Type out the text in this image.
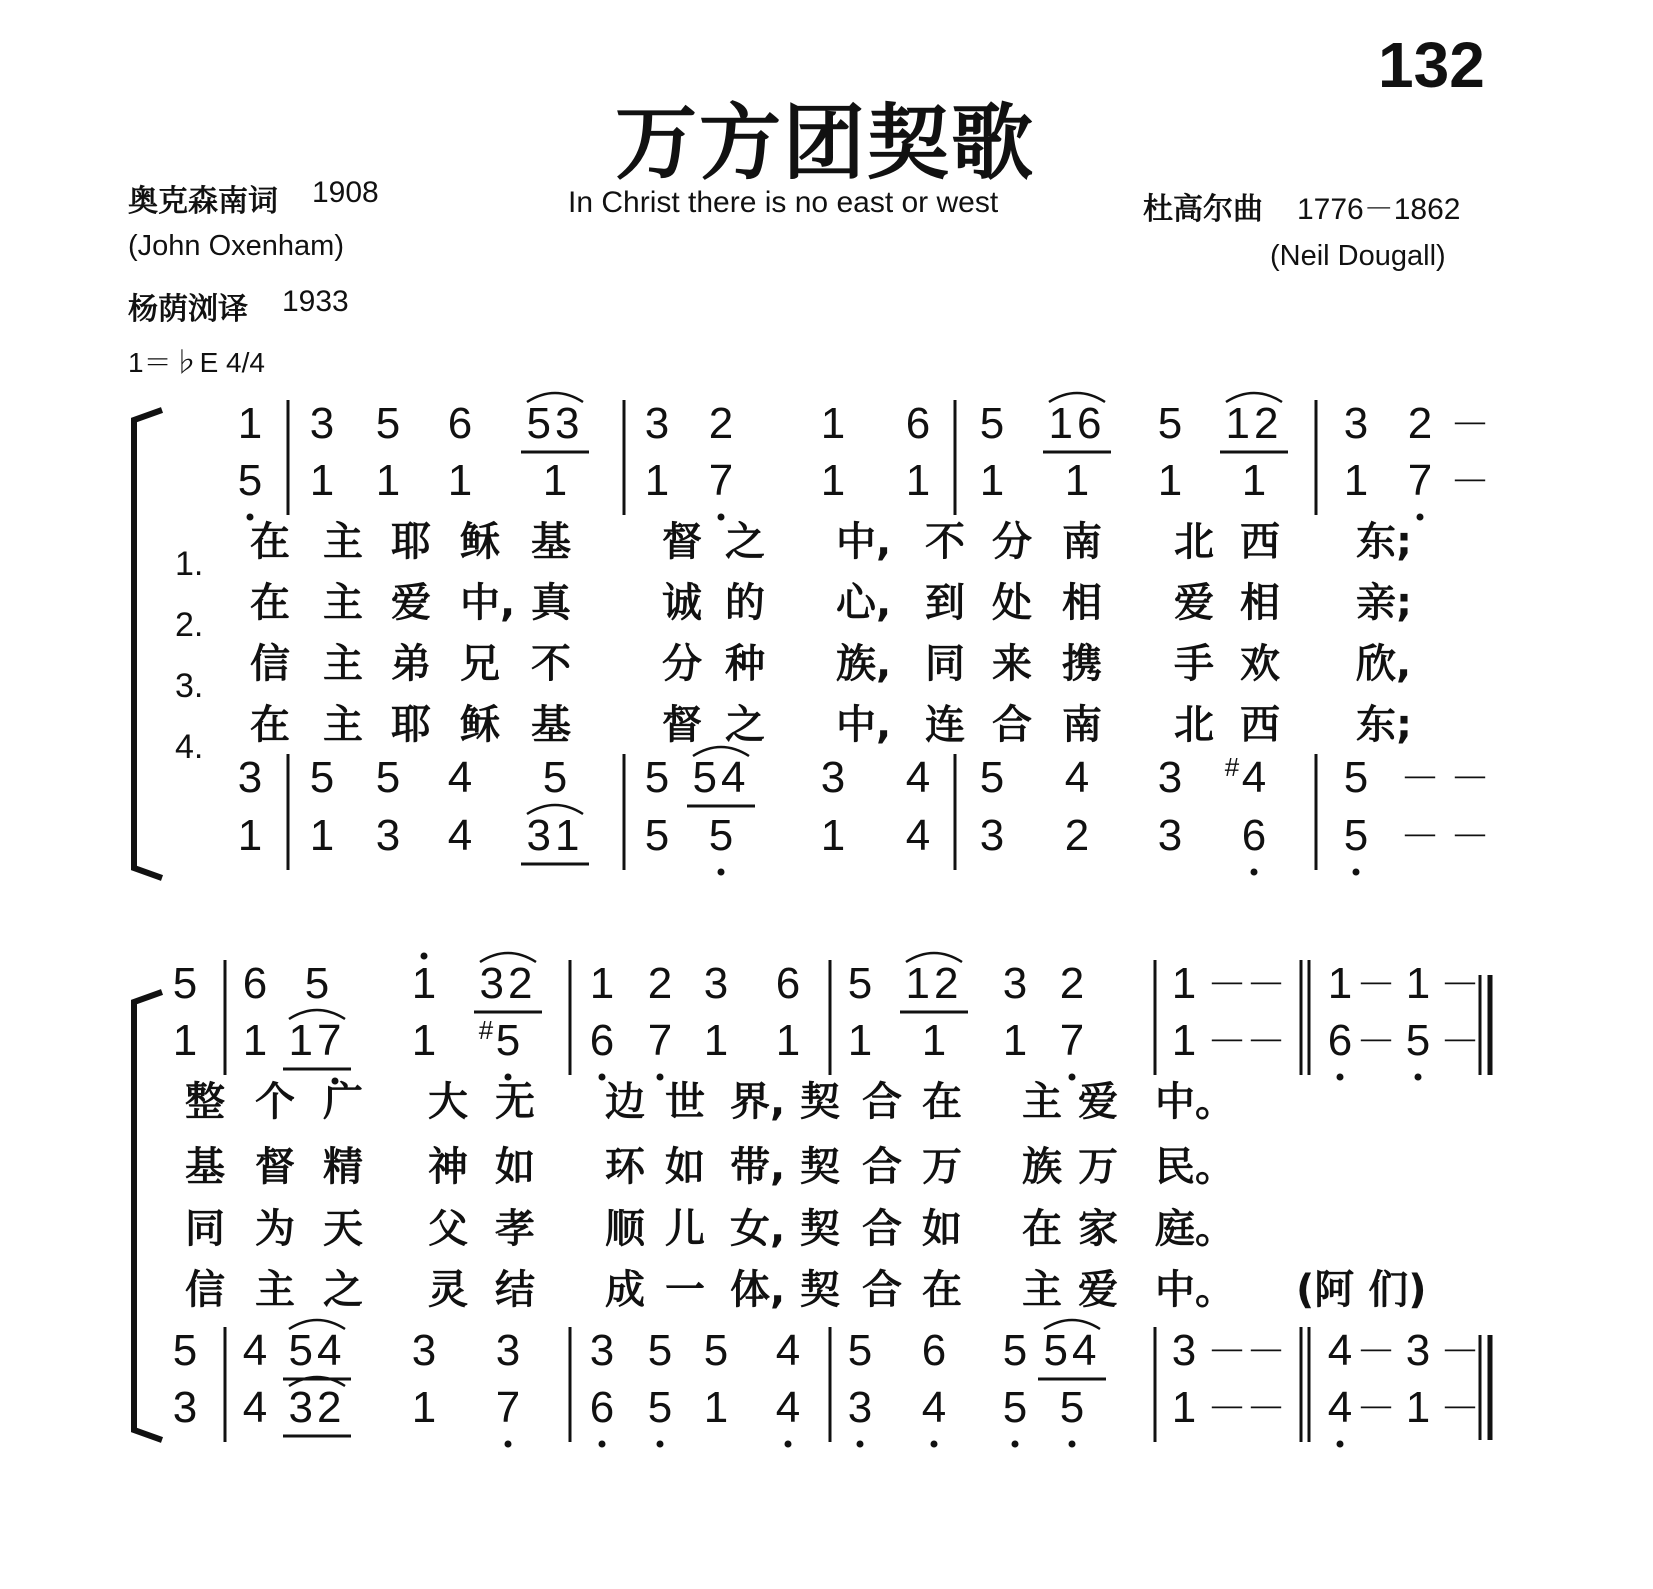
132
万方团契歌
In Christ there is no east or west
奥克森南词 1908
(John Oxenham)
杨荫浏译 1933
1＝♭E 4/4
杜高尔曲 1776－1862
(Neil Dougall)
1 3 5 6 53 3 2 1 6 5 16 5 12 3 2 －
5 1 1 1 1 1 7 1 1 1 1 1 1 1 7 －
3 5 5 4 5 5 54 3 4 5 4 3 4
# 5 － －
1 1 3 4 31 5 5 1 4 3 2 3 6 5 － －
1. 在 主 耶 稣 基 督 之 中, 不 分 南 北 西 东;
2. 在 主 爱 中, 真 诚 的 心, 到 处 相 爱 相 亲;
3. 信 主 弟 兄 不 分 种 族, 同 来 携 手 欢 欣,
4. 在 主 耶 稣 基 督 之 中, 连 合 南 北 西 东;
5 6 5 1 32 1 2 3 6 5 12 3 2 1 － － 1 － 1 －
1 1 17 1 5
# 6 7 1 1 1 1 1 7 1 － － 6 － 5 －
5 4 54 3 3 3 5 5 4 5 6 5 54 3 － － 4 － 3 －
3 4 32 1 7 6 5 1 4 3 4 5 5 1 － － 4 － 1 －
整 个 广 大 无 边 世 界, 契 合 在 主 爱 中。
基 督 精 神 如 环 如 带, 契 合 万 族 万 民。
同 为 天 父 孝 顺 儿 女, 契 合 如 在 家 庭。
信 主 之 灵 结 成 一 体, 契 合 在 主 爱 中。 (阿 们)
